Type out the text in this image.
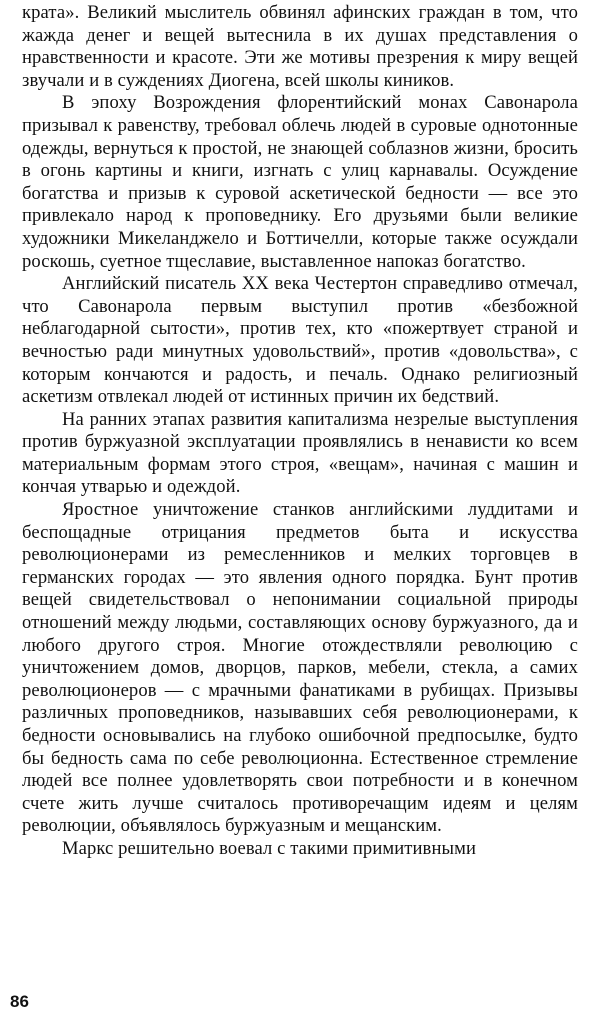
крата». Великий мыслитель обвинял афинских граждан в том, что жажда денег и вещей вытеснила в их душах представления о нравственности и красоте. Эти же мотивы презрения к миру вещей звучали и в суждениях Диогена, всей школы киников.

В эпоху Возрождения флорентийский монах Савонарола призывал к равенству, требовал облечь людей в суровые однотонные одежды, вернуться к простой, не знающей соблазнов жизни, бросить в огонь картины и книги, изгнать с улиц карнавалы. Осуждение богатства и призыв к суровой аскетической бедности — все это привлекало народ к проповеднику. Его друзьями были великие художники Микеланджело и Боттичелли, которые также осуждали роскошь, суетное тщеславие, выставленное напоказ богатство.

Английский писатель XX века Честертон справедливо отмечал, что Савонарола первым выступил против «безбожной неблагодарной сытости», против тех, кто «пожертвует страной и вечностью ради минутных удовольствий», против «довольства», с которым кончаются и радость, и печаль. Однако религиозный аскетизм отвлекал людей от истинных причин их бедствий.

На ранних этапах развития капитализма незрелые выступления против буржуазной эксплуатации проявлялись в ненависти ко всем материальным формам этого строя, «вещам», начиная с машин и кончая утварью и одеждой.

Яростное уничтожение станков английскими луддитами и беспощадные отрицания предметов быта и искусства революционерами из ремесленников и мелких торговцев в германских городах — это явления одного порядка. Бунт против вещей свидетельствовал о непонимании социальной природы отношений между людьми, составляющих основу буржуазного, да и любого другого строя. Многие отождествляли революцию с уничтожением домов, дворцов, парков, мебели, стекла, а самих революционеров — с мрачными фанатиками в рубищах. Призывы различных проповедников, называвших себя революционерами, к бедности основывались на глубоко ошибочной предпосылке, будто бы бедность сама по себе революционна. Естественное стремление людей все полнее удовлетворять свои потребности и в конечном счете жить лучше считалось противоречащим идеям и целям революции, объявлялось буржуазным и мещанским.

Маркс решительно воевал с такими примитивными

86
